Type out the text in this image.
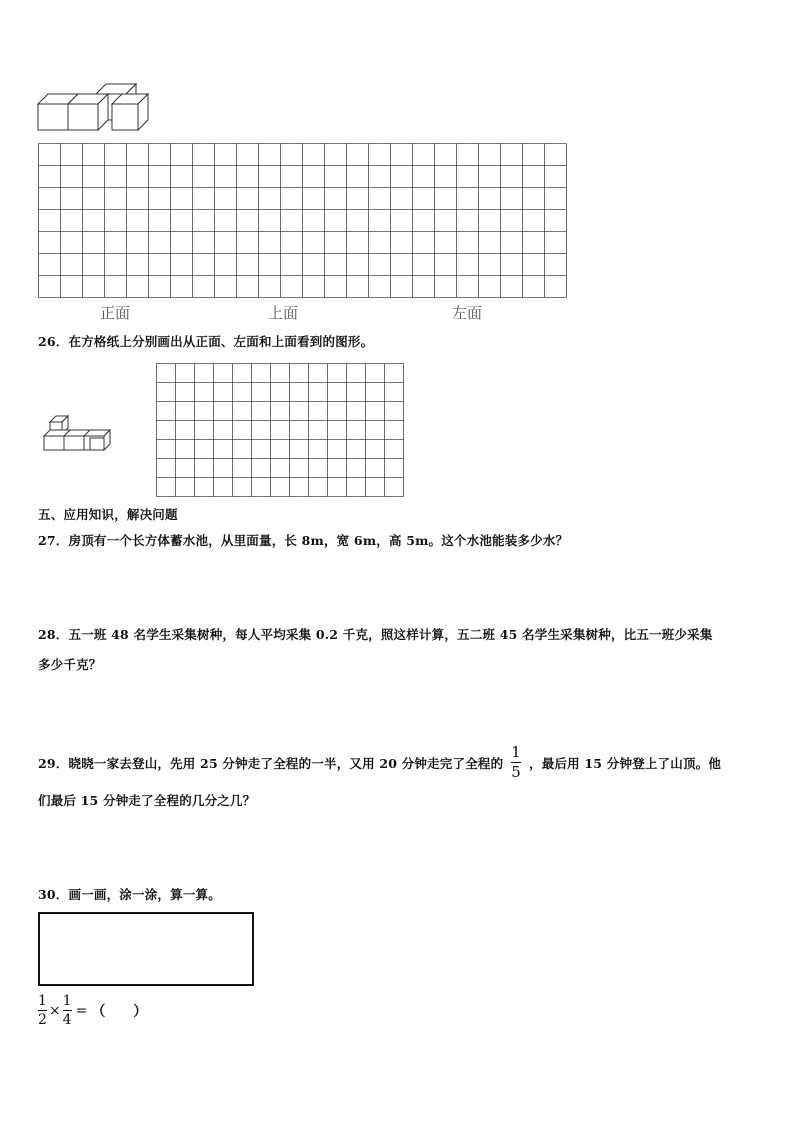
正面	上面	左面
26．在方格纸上分别画出从正面、左面和上面看到的图形。
五、应用知识，解决问题
27．房顶有一个长方体蓄水池，从里面量，长 8m，宽 6m，高 5m。这个水池能装多少水？
28．五一班 48 名学生采集树种，每人平均采集 0.2 千克，照这样计算，五二班 45 名学生采集树种，比五一班少采集
多少千克？
29．晓晓一家去登山，先用 25 分钟走了全程的一半，又用 20 分钟走完了全程的 $\frac{1}{5}$ ，最后用 15 分钟登上了山顶。他
们最后 15 分钟走了全程的几分之几？
30．画一画，涂一涂，算一算。
$\frac{1}{2} \times \frac{1}{4}$ = （　　）
